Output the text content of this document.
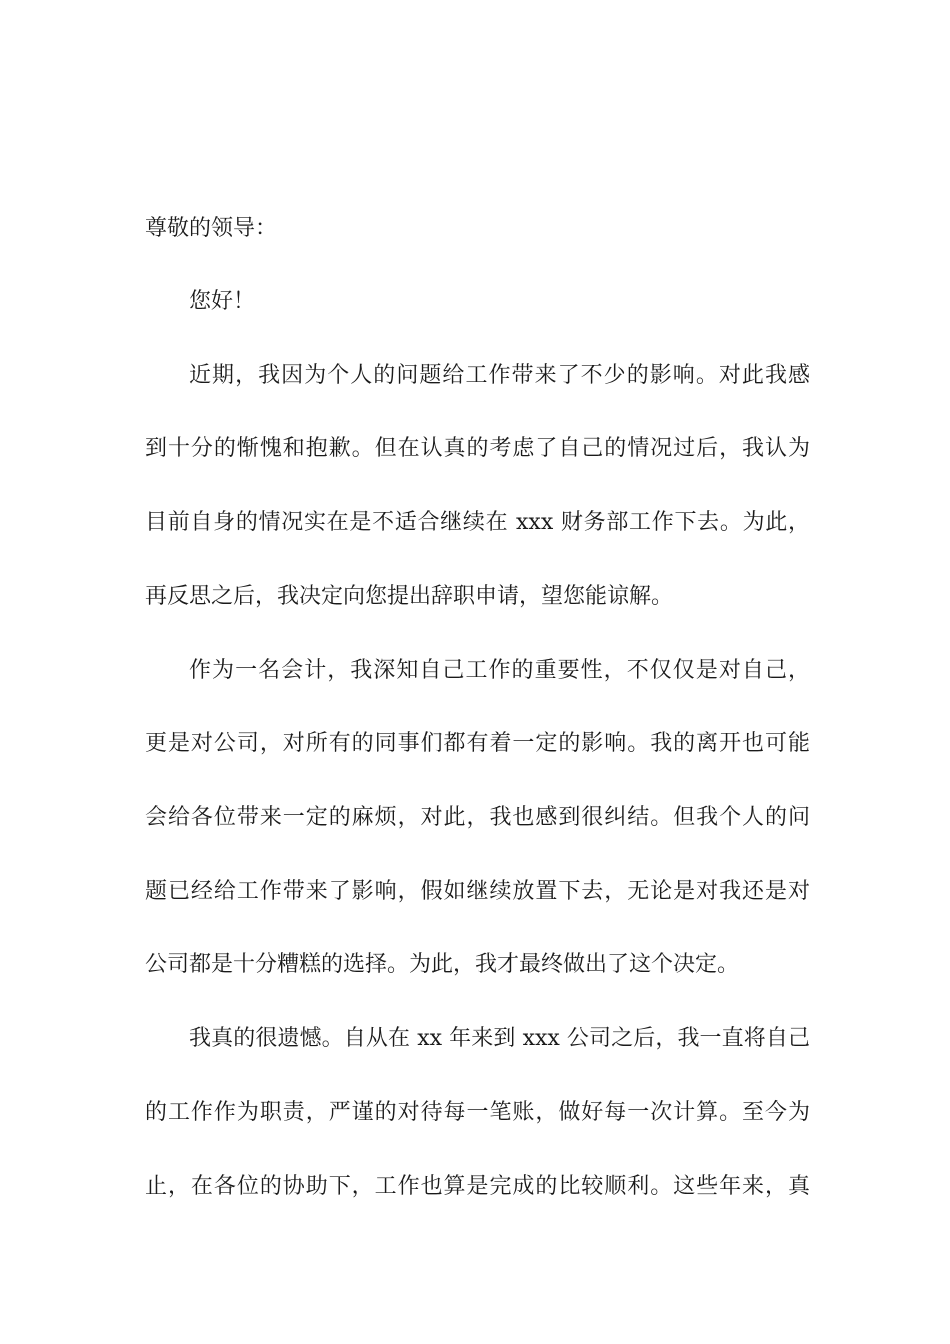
尊敬的领导：
您好！
近期，我因为个人的问题给工作带来了不少的影响。对此我感
到十分的惭愧和抱歉。但在认真的考虑了自己的情况过后，我认为
目前自身的情况实在是不适合继续在 xxx 财务部工作下去。为此，
再反思之后，我决定向您提出辞职申请，望您能谅解。
作为一名会计，我深知自己工作的重要性，不仅仅是对自己，
更是对公司，对所有的同事们都有着一定的影响。我的离开也可能
会给各位带来一定的麻烦，对此，我也感到很纠结。但我个人的问
题已经给工作带来了影响，假如继续放置下去，无论是对我还是对
公司都是十分糟糕的选择。为此，我才最终做出了这个决定。
我真的很遗憾。自从在 xx 年来到 xxx 公司之后，我一直将自己
的工作作为职责，严谨的对待每一笔账，做好每一次计算。至今为
止，在各位的协助下，工作也算是完成的比较顺利。这些年来，真
